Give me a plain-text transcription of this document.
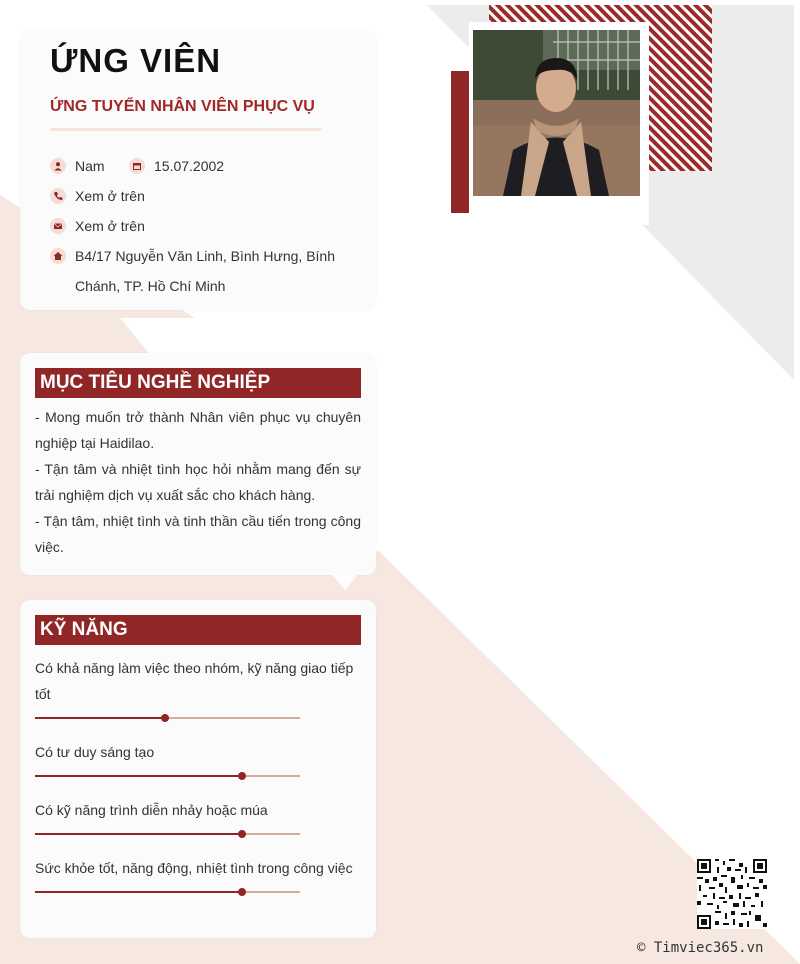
ỨNG VIÊN
ỨNG TUYỂN NHÂN VIÊN PHỤC VỤ
Nam	15.07.2002
Xem ở trên
Xem ở trên
B4/17 Nguyễn Văn Linh, Bình Hưng, Bính
Chánh, TP. Hồ Chí Minh
MỤC TIÊU NGHỀ NGHIỆP

- Mong muốn trở thành Nhân viên phục vụ chuyên nghiệp tại Haidilao.

- Tận tâm và nhiệt tình học hỏi nhằm mang đến sự trải nghiệm dịch vụ xuất sắc cho khách hàng.

- Tận tâm, nhiệt tình và tinh thần cầu tiến trong công việc.

KỸ NĂNG
Có khả năng làm việc theo nhóm, kỹ năng giao tiếp tốt
Có tư duy sáng tạo
Có kỹ năng trình diễn nhảy hoặc múa
Sức khỏe tốt, năng động, nhiệt tình trong công việc
© Timviec365.vn
